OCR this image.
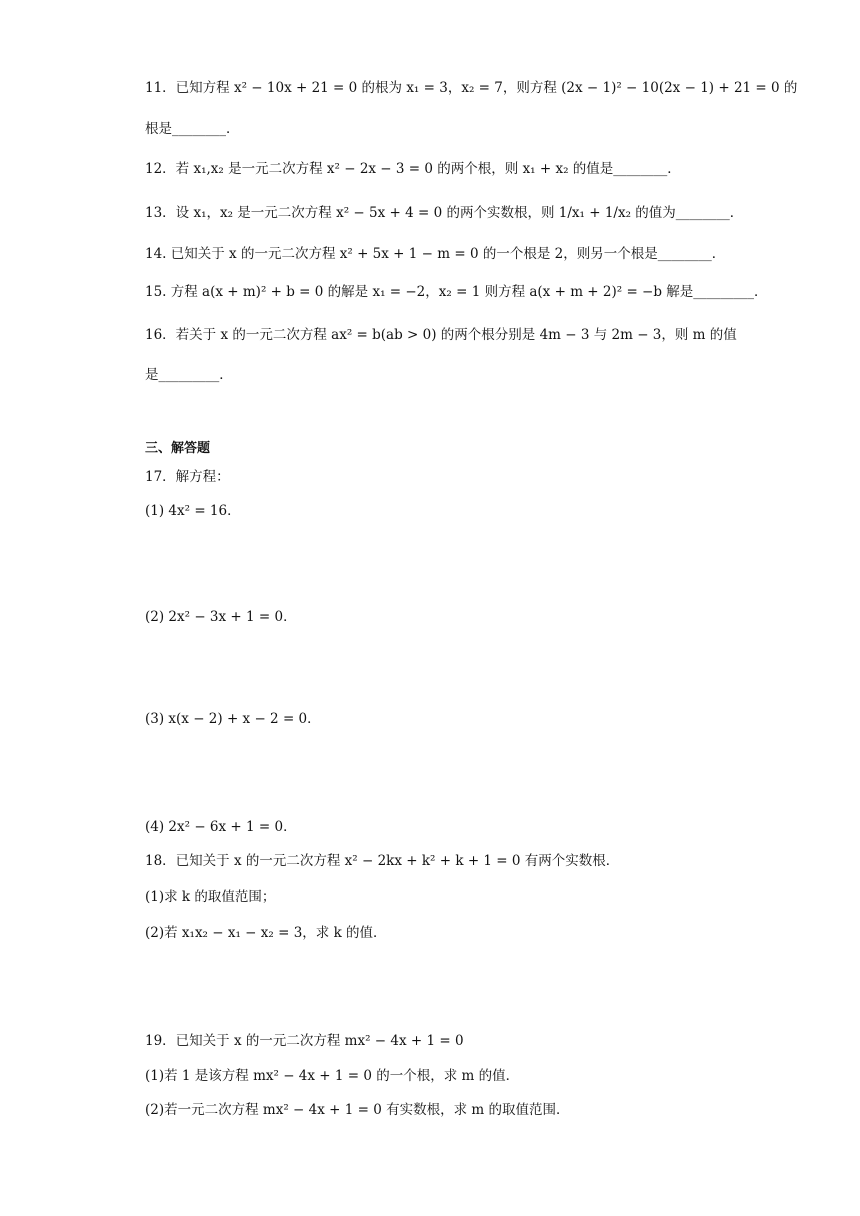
11．已知方程 x² − 10x + 21 = 0 的根为 x₁ = 3，x₂ = 7，则方程 (2x − 1)² − 10(2x − 1) + 21 = 0 的
根是________．
12．若 x₁,x₂ 是一元二次方程 x² − 2x − 3 = 0 的两个根，则 x₁ + x₂ 的值是________．
13．设 x₁，x₂ 是一元二次方程 x² − 5x + 4 = 0 的两个实数根，则 1/x₁ + 1/x₂ 的值为________．
14. 已知关于 x 的一元二次方程 x² + 5x + 1 − m = 0 的一个根是 2，则另一个根是________．
15. 方程 a(x + m)² + b = 0 的解是 x₁ = −2，x₂ = 1 则方程 a(x + m + 2)² = −b 解是_________．
16．若关于 x 的一元二次方程 ax² = b(ab > 0) 的两个根分别是 4m − 3 与 2m − 3，则 m 的值
是_________．
三、解答题
17．解方程：
(1) 4x² = 16．
(2) 2x² − 3x + 1 = 0．
(3) x(x − 2) + x − 2 = 0．
(4) 2x² − 6x + 1 = 0．
18．已知关于 x 的一元二次方程 x² − 2kx + k² + k + 1 = 0 有两个实数根．
(1)求 k 的取值范围；
(2)若 x₁x₂ − x₁ − x₂ = 3，求 k 的值．
19．已知关于 x 的一元二次方程 mx² − 4x + 1 = 0
(1)若 1 是该方程 mx² − 4x + 1 = 0 的一个根，求 m 的值．
(2)若一元二次方程 mx² − 4x + 1 = 0 有实数根，求 m 的取值范围．
